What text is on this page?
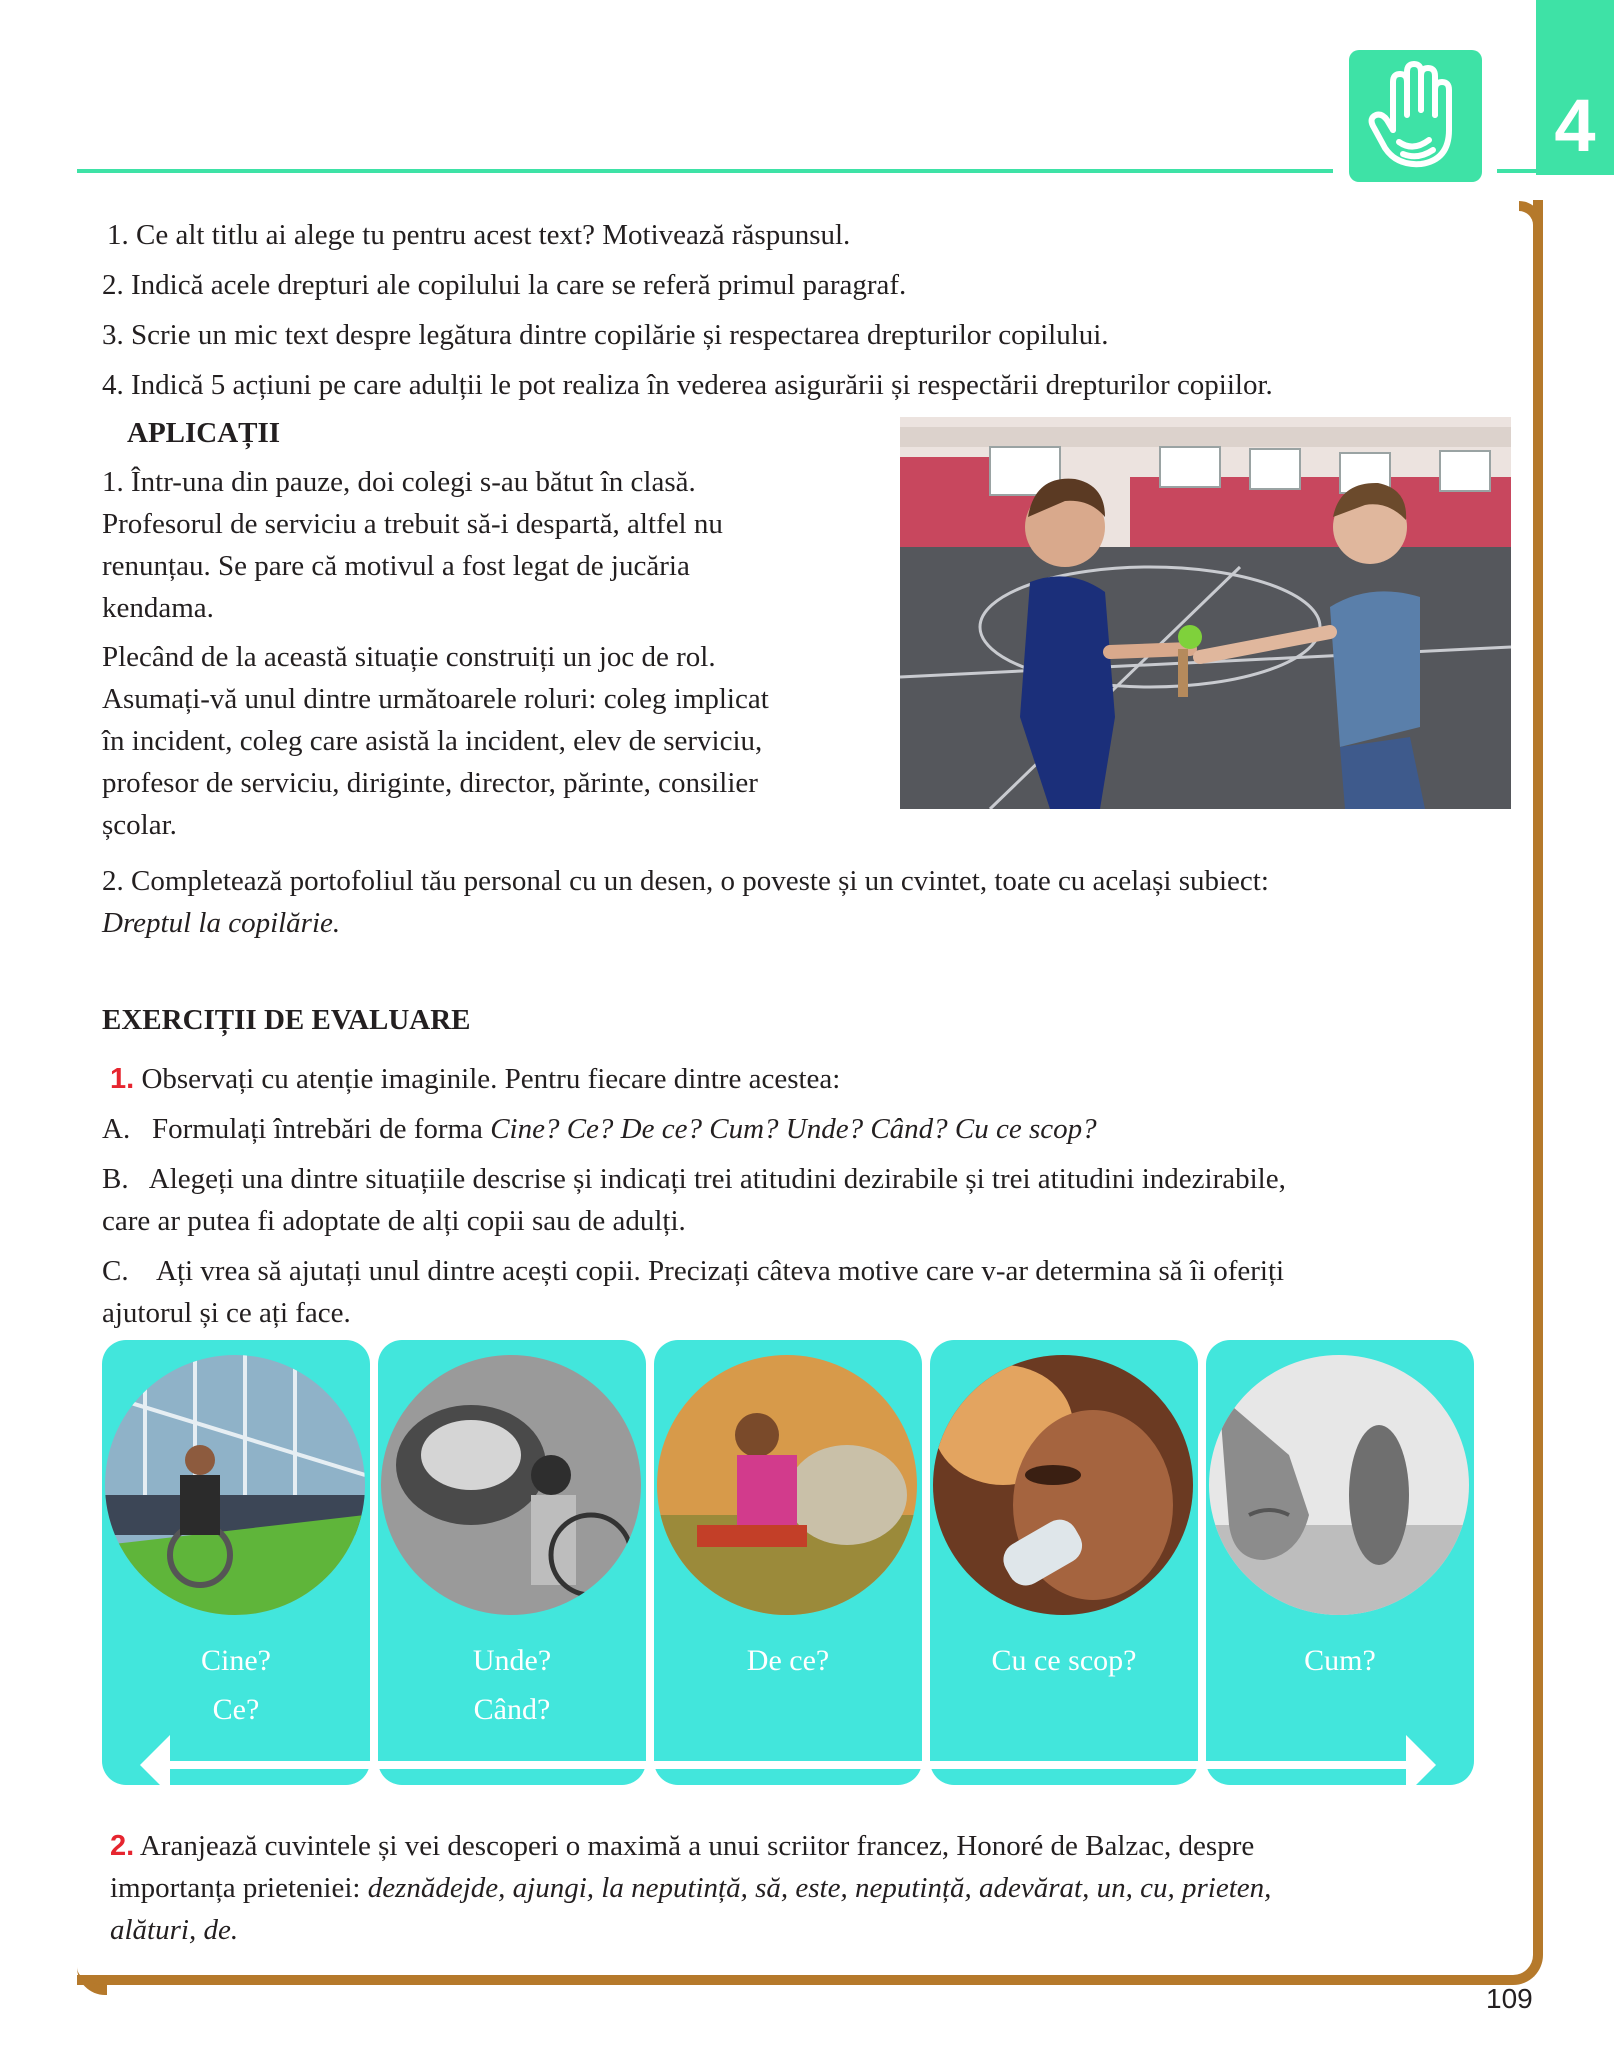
4
1. Ce alt titlu ai alege tu pentru acest text? Motivează răspunsul.
2. Indică acele drepturi ale copilului la care se referă primul paragraf.
3. Scrie un mic text despre legătura dintre copilărie și respectarea drepturilor copilului.
4. Indică 5 acțiuni pe care adulții le pot realiza în vederea asigurării și respectării drepturilor copiilor.
APLICAȚII
1. Într-una din pauze, doi colegi s-au bătut în clasă.
Profesorul de serviciu a trebuit să-i despartă, altfel nu
renunțau. Se pare că motivul a fost legat de jucăria
kendama.
Plecând de la această situație construiți un joc de rol.
Asumați-vă unul dintre următoarele roluri: coleg implicat
în incident, coleg care asistă la incident, elev de serviciu,
profesor de serviciu, diriginte, director, părinte, consilier
școlar.
2. Completează portofoliul tău personal cu un desen, o poveste și un cvintet, toate cu același subiect:
Dreptul la copilărie.
EXERCIȚII DE EVALUARE
1. Observați cu atenție imaginile. Pentru fiecare dintre acestea:
A. Formulați întrebări de forma Cine? Ce? De ce? Cum? Unde? Când? Cu ce scop?
B. Alegeți una dintre situațiile descrise și indicați trei atitudini dezirabile și trei atitudini indezirabile,
care ar putea fi adoptate de alți copii sau de adulți.
C. Ați vrea să ajutați unul dintre acești copii. Precizați câteva motive care v-ar determina să îi oferiți
ajutorul și ce ați face.
Cine?
Ce?
Unde?
Când?
De ce?	Cu ce scop?	Cum?
2. Aranjează cuvintele și vei descoperi o maximă a unui scriitor francez, Honoré de Balzac, despre
importanța prieteniei: deznădejde, ajungi, la neputință, să, este, neputință, adevărat, un, cu, prieten,
alături, de.
109
